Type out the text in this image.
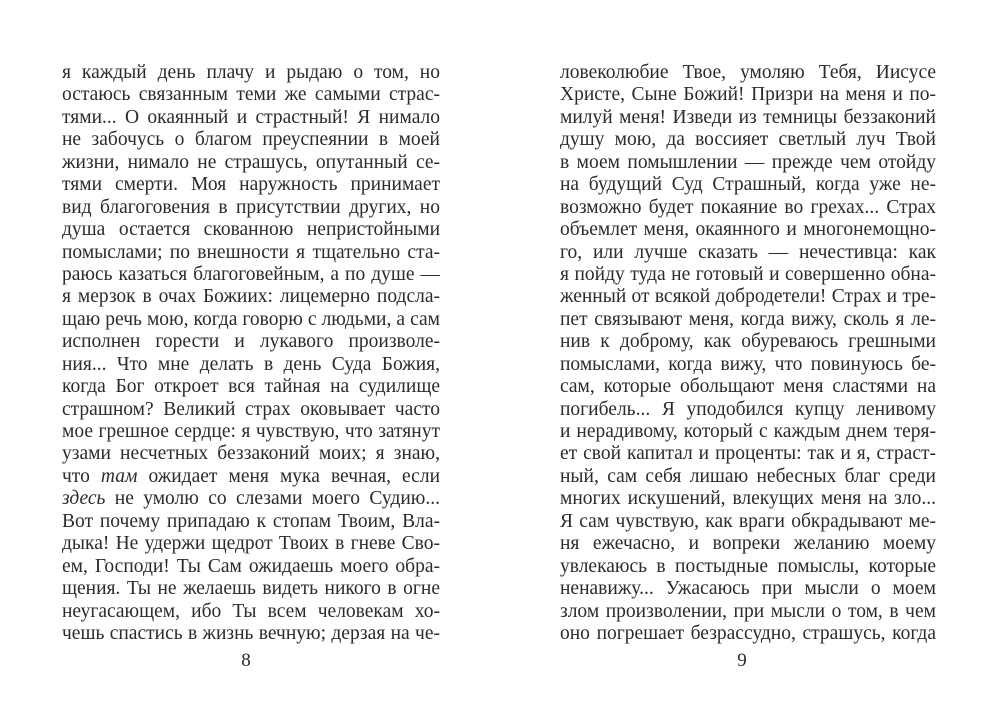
я каждый день плачу и рыдаю о том, но
остаюсь связанным теми же самыми страс-
тями... О окаянный и страстный! Я нимало
не забочусь о благом преуспеянии в моей
жизни, нимало не страшусь, опутанный се-
тями смерти. Моя наружность принимает
вид благоговения в присутствии других, но
душа остается скованною непристойными
помыслами; по внешности я тщательно ста-
раюсь казаться благоговейным, а по душе —
я мерзок в очах Божиих: лицемерно подсла-
щаю речь мою, когда говорю с людьми, а сам
исполнен горести и лукавого произволе-
ния... Что мне делать в день Суда Божия,
когда Бог откроет вся тайная на судилище
страшном? Великий страх оковывает часто
мое грешное сердце: я чувствую, что затянут
узами несчетных беззаконий моих; я знаю,
что там ожидает меня мука вечная, если
здесь не умолю со слезами моего Судию...
Вот почему припадаю к стопам Твоим, Вла-
дыка! Не удержи щедрот Твоих в гневе Сво-
ем, Господи! Ты Сам ожидаешь моего обра-
щения. Ты не желаешь видеть никого в огне
неугасающем, ибо Ты всем человекам хо-
чешь спастись в жизнь вечную; дерзая на че-
8
ловеколюбие Твое, умоляю Тебя, Иисусе
Христе, Сыне Божий! Призри на меня и по-
милуй меня! Изведи из темницы беззаконий
душу мою, да воссияет светлый луч Твой
в моем помышлении — прежде чем отойду
на будущий Суд Страшный, когда уже не-
возможно будет покаяние во грехах... Страх
объемлет меня, окаянного и многонемощно-
го, или лучше сказать — нечестивца: как
я пойду туда не готовый и совершенно обна-
женный от всякой добродетели! Страх и тре-
пет связывают меня, когда вижу, сколь я ле-
нив к доброму, как обуреваюсь грешными
помыслами, когда вижу, что повинуюсь бе-
сам, которые обольщают меня сластями на
погибель... Я уподобился купцу ленивому
и нерадивому, который с каждым днем теря-
ет свой капитал и проценты: так и я, страст-
ный, сам себя лишаю небесных благ среди
многих искушений, влекущих меня на зло...
Я сам чувствую, как враги обкрадывают ме-
ня ежечасно, и вопреки желанию моему
увлекаюсь в постыдные помыслы, которые
ненавижу... Ужасаюсь при мысли о моем
злом произволении, при мысли о том, в чем
оно погрешает безрассудно, страшусь, когда
9
